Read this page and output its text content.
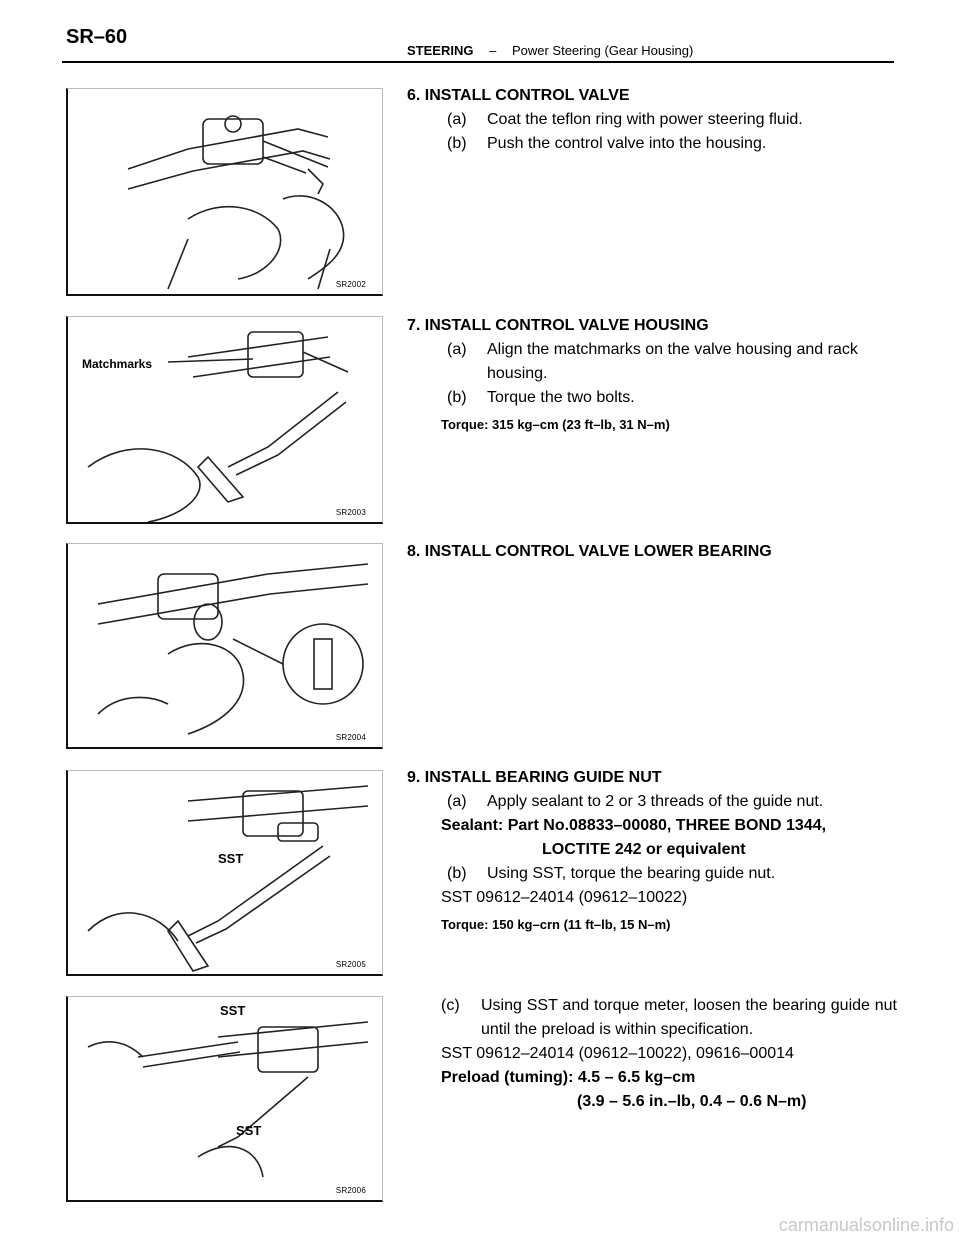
SR–60
STEERING – Power Steering (Gear Housing)
SR2002
Matchmarks
SR2003
SR2004
SST
SR2005
SST
SST
SR2006
6. INSTALL CONTROL VALVE
(a) Coat the teflon ring with power steering fluid.
(b) Push the control valve into the housing.
7. INSTALL CONTROL VALVE HOUSING
(a) Align the matchmarks on the valve housing and rack housing.
(b) Torque the two bolts.
Torque: 315 kg–cm (23 ft–lb, 31 N–m)
8. INSTALL CONTROL VALVE LOWER BEARING
9. INSTALL BEARING GUIDE NUT
(a) Apply sealant to 2 or 3 threads of the guide nut.
Sealant: Part No.08833–00080, THREE BOND 1344,
LOCTITE 242 or equivalent
(b) Using SST, torque the bearing guide nut.
SST 09612–24014 (09612–10022)
Torque: 150 kg–crn (11 ft–lb, 15 N–m)
(c) Using SST and torque meter, loosen the bearing guide nut until the preload is within specification.
SST 09612–24014 (09612–10022), 09616–00014
Preload (tuming): 4.5 – 6.5 kg–cm
(3.9 – 5.6 in.–lb, 0.4 – 0.6 N–m)
carmanualsonline.info
